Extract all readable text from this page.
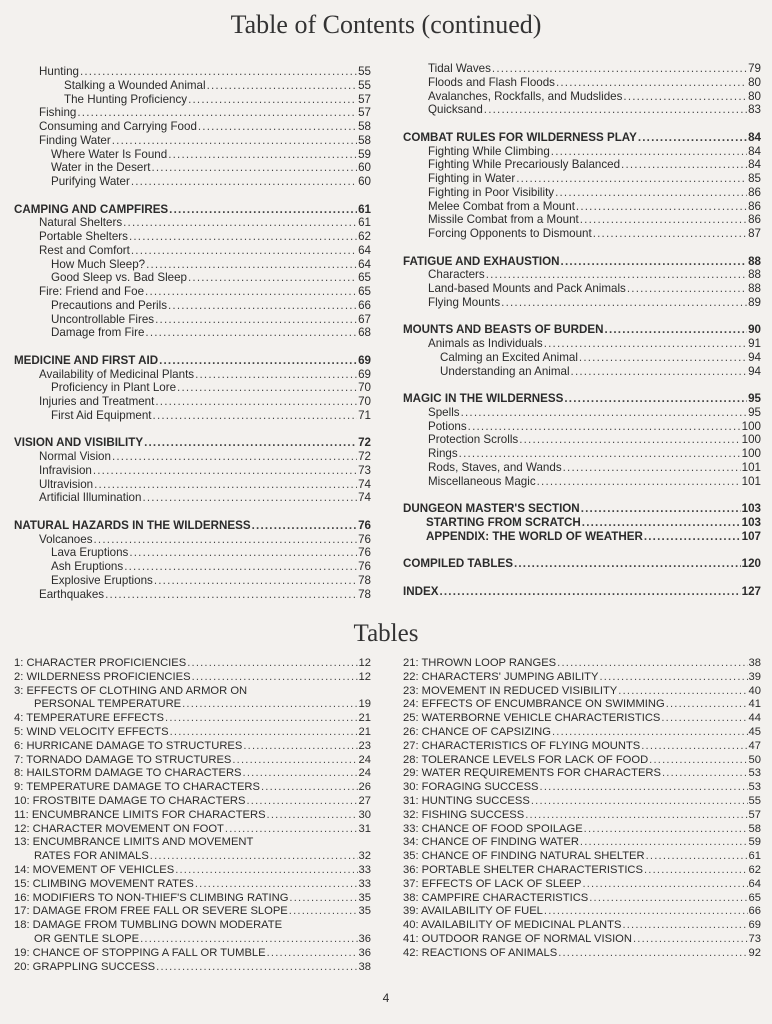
Table of Contents (continued)
Hunting .....	55
Stalking a Wounded Animal .....	55
The Hunting Proficiency .....	57
Fishing .....	57
Consuming and Carrying Food .....	58
Finding Water .....	58
Where Water Is Found .....	59
Water in the Desert .....	60
Purifying Water .....	60
CAMPING AND CAMPFIRES .....	61
Natural Shelters .....	61
Portable Shelters .....	62
Rest and Comfort .....	64
How Much Sleep? .....	64
Good Sleep vs. Bad Sleep .....	65
Fire: Friend and Foe .....	65
Precautions and Perils .....	66
Uncontrollable Fires .....	67
Damage from Fire .....	68
MEDICINE AND FIRST AID .....	69
Availability of Medicinal Plants .....	69
Proficiency in Plant Lore .....	70
Injuries and Treatment .....	70
First Aid Equipment .....	71
VISION AND VISIBILITY .....	72
Normal Vision .....	72
Infravision .....	73
Ultravision .....	74
Artificial Illumination .....	74
NATURAL HAZARDS IN THE WILDERNESS .....	76
Volcanoes .....	76
Lava Eruptions .....	76
Ash Eruptions .....	76
Explosive Eruptions .....	78
Earthquakes .....	78
Tidal Waves .....	79
Floods and Flash Floods .....	80
Avalanches, Rockfalls, and Mudslides .....	80
Quicksand .....	83
COMBAT RULES FOR WILDERNESS PLAY .....	84
Fighting While Climbing .....	84
Fighting While Precariously Balanced .....	84
Fighting in Water .....	85
Fighting in Poor Visibility .....	86
Melee Combat from a Mount .....	86
Missile Combat from a Mount .....	86
Forcing Opponents to Dismount .....	87
FATIGUE AND EXHAUSTION .....	88
Characters .....	88
Land-based Mounts and Pack Animals .....	88
Flying Mounts .....	89
MOUNTS AND BEASTS OF BURDEN .....	90
Animals as Individuals .....	91
Calming an Excited Animal .....	94
Understanding an Animal .....	94
MAGIC IN THE WILDERNESS .....	95
Spells .....	95
Potions .....	100
Protection Scrolls .....	100
Rings .....	100
Rods, Staves, and Wands .....	101
Miscellaneous Magic .....	101
DUNGEON MASTER'S SECTION .....	103
STARTING FROM SCRATCH .....	103
APPENDIX: THE WORLD OF WEATHER .....	107
COMPILED TABLES .....	120
INDEX .....	127
Tables
1: CHARACTER PROFICIENCIES .....	12
2: WILDERNESS PROFICIENCIES .....	12
3: EFFECTS OF CLOTHING AND ARMOR ON
PERSONAL TEMPERATURE .....	19
4: TEMPERATURE EFFECTS .....	21
5: WIND VELOCITY EFFECTS .....	21
6: HURRICANE DAMAGE TO STRUCTURES .....	23
7: TORNADO DAMAGE TO STRUCTURES .....	24
8: HAILSTORM DAMAGE TO CHARACTERS .....	24
9: TEMPERATURE DAMAGE TO CHARACTERS .....	26
10: FROSTBITE DAMAGE TO CHARACTERS .....	27
11: ENCUMBRANCE LIMITS FOR CHARACTERS .....	30
12: CHARACTER MOVEMENT ON FOOT .....	31
13: ENCUMBRANCE LIMITS AND MOVEMENT
RATES FOR ANIMALS .....	32
14: MOVEMENT OF VEHICLES .....	33
15: CLIMBING MOVEMENT RATES .....	33
16: MODIFIERS TO NON-THIEF'S CLIMBING RATING .....	35
17: DAMAGE FROM FREE FALL OR SEVERE SLOPE .....	35
18: DAMAGE FROM TUMBLING DOWN MODERATE
OR GENTLE SLOPE .....	36
19: CHANCE OF STOPPING A FALL OR TUMBLE .....	36
20: GRAPPLING SUCCESS .....	38
21: THROWN LOOP RANGES .....	38
22: CHARACTERS' JUMPING ABILITY .....	39
23: MOVEMENT IN REDUCED VISIBILITY .....	40
24: EFFECTS OF ENCUMBRANCE ON SWIMMING .....	41
25: WATERBORNE VEHICLE CHARACTERISTICS .....	44
26: CHANCE OF CAPSIZING .....	45
27: CHARACTERISTICS OF FLYING MOUNTS .....	47
28: TOLERANCE LEVELS FOR LACK OF FOOD .....	50
29: WATER REQUIREMENTS FOR CHARACTERS .....	53
30: FORAGING SUCCESS .....	53
31: HUNTING SUCCESS .....	55
32: FISHING SUCCESS .....	57
33: CHANCE OF FOOD SPOILAGE .....	58
34: CHANCE OF FINDING WATER .....	59
35: CHANCE OF FINDING NATURAL SHELTER .....	61
36: PORTABLE SHELTER CHARACTERISTICS .....	62
37: EFFECTS OF LACK OF SLEEP .....	64
38: CAMPFIRE CHARACTERISTICS .....	65
39: AVAILABILITY OF FUEL .....	66
40: AVAILABILITY OF MEDICINAL PLANTS .....	69
41: OUTDOOR RANGE OF NORMAL VISION .....	73
42: REACTIONS OF ANIMALS .....	92
4
